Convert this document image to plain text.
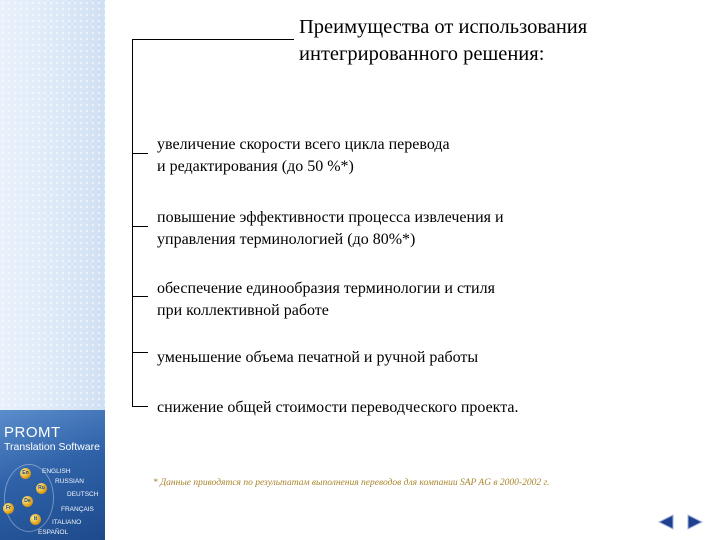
PROMT
Translation Software
En
Ru
De
Fr
It
ENGLISH
RUSSIAN
DEUTSCH
FRANÇAIS
ITALIANO
ESPAÑOL
Преимущества от использования
интегрированного решения:
увеличение скорости всего цикла перевода
и редактирования (до 50 %*)
повышение эффективности процесса извлечения и
управления терминологией (до 80%*)
обеспечение единообразия терминологии и стиля
при коллективной работе
уменьшение объема печатной и ручной работы
снижение общей стоимости переводческого проекта.
* Данные приводятся по результатам выполнения переводов для компании SAP AG в 2000-2002 г.
